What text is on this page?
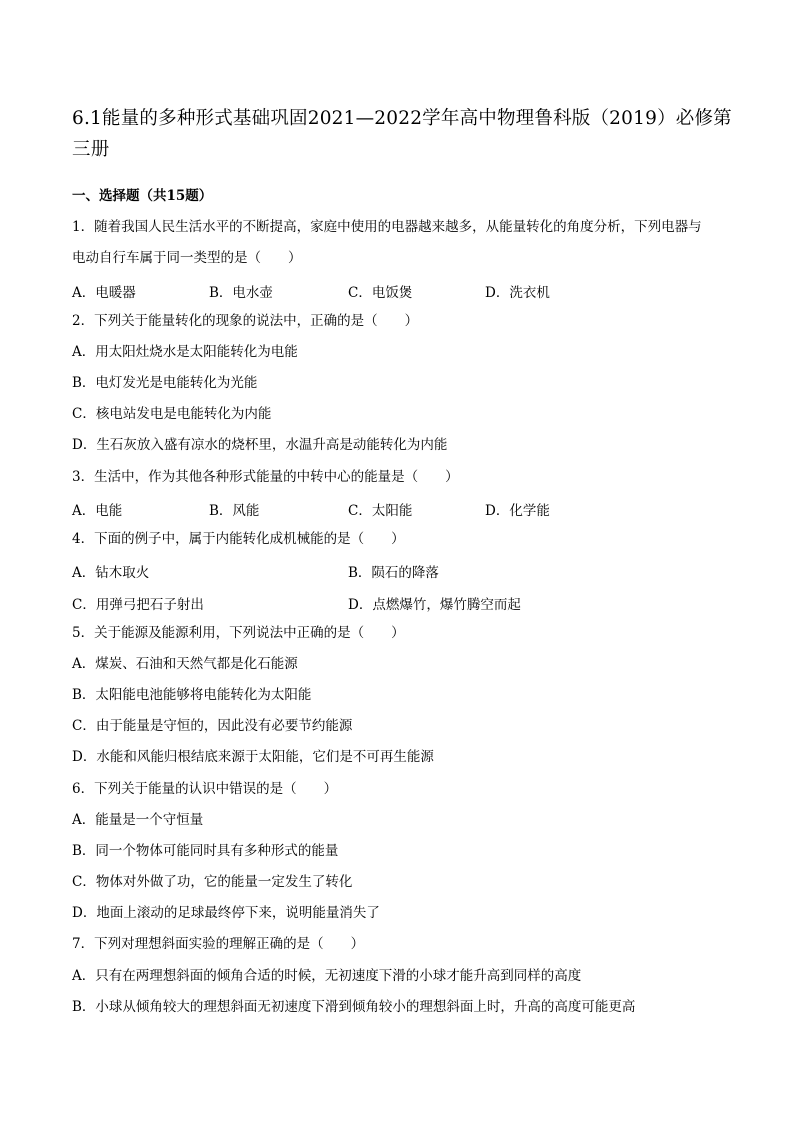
6.1能量的多种形式基础巩固2021—2022学年高中物理鲁科版（2019）必修第三册
一、选择题（共15题）
1．随着我国人民生活水平的不断提高，家庭中使用的电器越来越多，从能量转化的角度分析，下列电器与
电动自行车属于同一类型的是（　　）
A．电暖器	B．电水壶	C．电饭煲	D．洗衣机
2．下列关于能量转化的现象的说法中，正确的是（　　）
A．用太阳灶烧水是太阳能转化为电能
B．电灯发光是电能转化为光能
C．核电站发电是电能转化为内能
D．生石灰放入盛有凉水的烧杯里，水温升高是动能转化为内能
3．生活中，作为其他各种形式能量的中转中心的能量是（　　）
A．电能	B．风能	C．太阳能	D．化学能
4．下面的例子中，属于内能转化成机械能的是（　　）
A．钻木取火	B．陨石的降落
C．用弹弓把石子射出	D．点燃爆竹，爆竹腾空而起
5．关于能源及能源利用，下列说法中正确的是（　　）
A．煤炭、石油和天然气都是化石能源
B．太阳能电池能够将电能转化为太阳能
C．由于能量是守恒的，因此没有必要节约能源
D．水能和风能归根结底来源于太阳能，它们是不可再生能源
6．下列关于能量的认识中错误的是（　　）
A．能量是一个守恒量
B．同一个物体可能同时具有多种形式的能量
C．物体对外做了功，它的能量一定发生了转化
D．地面上滚动的足球最终停下来，说明能量消失了
7．下列对理想斜面实验的理解正确的是（　　）
A．只有在两理想斜面的倾角合适的时候，无初速度下滑的小球才能升高到同样的高度
B．小球从倾角较大的理想斜面无初速度下滑到倾角较小的理想斜面上时，升高的高度可能更高
